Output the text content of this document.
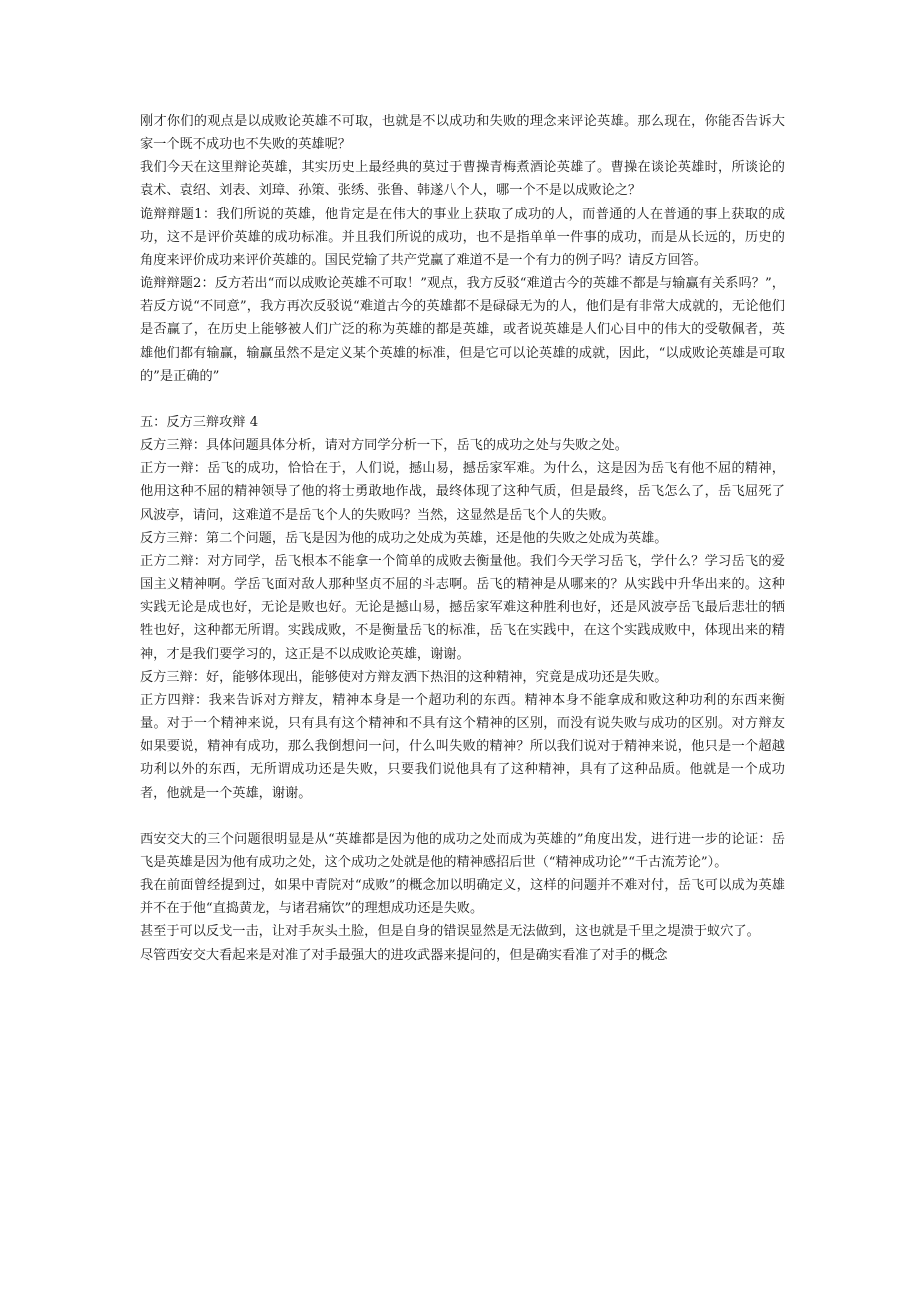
刚才你们的观点是以成败论英雄不可取，也就是不以成功和失败的理念来评论英雄。那么现在，你能否告诉大家一个既不成功也不失败的英雄呢？

我们今天在这里辩论英雄，其实历史上最经典的莫过于曹操青梅煮酒论英雄了。曹操在谈论英雄时，所谈论的袁术、袁绍、刘表、刘璋、孙策、张绣、张鲁、韩遂八个人，哪一个不是以成败论之？

诡辩辩题1：我们所说的英雄，他肯定是在伟大的事业上获取了成功的人，而普通的人在普通的事上获取的成功，这不是评价英雄的成功标准。并且我们所说的成功，也不是指单单一件事的成功，而是从长远的，历史的角度来评价成功来评价英雄的。国民党输了共产党赢了难道不是一个有力的例子吗？请反方回答。

诡辩辩题2：反方若出“而以成败论英雄不可取！”观点，我方反驳“难道古今的英雄不都是与输赢有关系吗？”，若反方说“不同意”，我方再次反驳说“难道古今的英雄都不是碌碌无为的人，他们是有非常大成就的，无论他们是否赢了，在历史上能够被人们广泛的称为英雄的都是英雄，或者说英雄是人们心目中的伟大的受敬佩者，英雄他们都有输赢，输赢虽然不是定义某个英雄的标准，但是它可以论英雄的成就，因此，“以成败论英雄是可取的”是正确的”

五：反方三辩攻辩 4

反方三辩：具体问题具体分析，请对方同学分析一下，岳飞的成功之处与失败之处。

正方一辩：岳飞的成功，恰恰在于，人们说，撼山易，撼岳家军难。为什么，这是因为岳飞有他不屈的精神，他用这种不屈的精神领导了他的将士勇敢地作战，最终体现了这种气质，但是最终，岳飞怎么了，岳飞屈死了风波亭，请问，这难道不是岳飞个人的失败吗？当然，这显然是岳飞个人的失败。

反方三辩：第二个问题，岳飞是因为他的成功之处成为英雄，还是他的失败之处成为英雄。

正方二辩：对方同学，岳飞根本不能拿一个简单的成败去衡量他。我们今天学习岳飞，学什么？学习岳飞的爱国主义精神啊。学岳飞面对敌人那种坚贞不屈的斗志啊。岳飞的精神是从哪来的？从实践中升华出来的。这种实践无论是成也好，无论是败也好。无论是撼山易，撼岳家军难这种胜利也好，还是风波亭岳飞最后悲壮的牺牲也好，这种都无所谓。实践成败，不是衡量岳飞的标准，岳飞在实践中，在这个实践成败中，体现出来的精神，才是我们要学习的，这正是不以成败论英雄，谢谢。

反方三辩：好，能够体现出，能够使对方辩友洒下热泪的这种精神，究竟是成功还是失败。

正方四辩：我来告诉对方辩友，精神本身是一个超功利的东西。精神本身不能拿成和败这种功利的东西来衡量。对于一个精神来说，只有具有这个精神和不具有这个精神的区别，而没有说失败与成功的区别。对方辩友如果要说，精神有成功，那么我倒想问一问，什么叫失败的精神？所以我们说对于精神来说，他只是一个超越功利以外的东西，无所谓成功还是失败，只要我们说他具有了这种精神，具有了这种品质。他就是一个成功者，他就是一个英雄，谢谢。

西安交大的三个问题很明显是从“英雄都是因为他的成功之处而成为英雄的”角度出发，进行进一步的论证：岳飞是英雄是因为他有成功之处，这个成功之处就是他的精神感招后世（“精神成功论”“千古流芳论”）。

我在前面曾经提到过，如果中青院对“成败”的概念加以明确定义，这样的问题并不难对付，岳飞可以成为英雄并不在于他“直捣黄龙，与诸君痛饮”的理想成功还是失败。

甚至于可以反戈一击，让对手灰头土脸，但是自身的错误显然是无法做到，这也就是千里之堤溃于蚁穴了。

尽管西安交大看起来是对准了对手最强大的进攻武器来提问的，但是确实看准了对手的概念
